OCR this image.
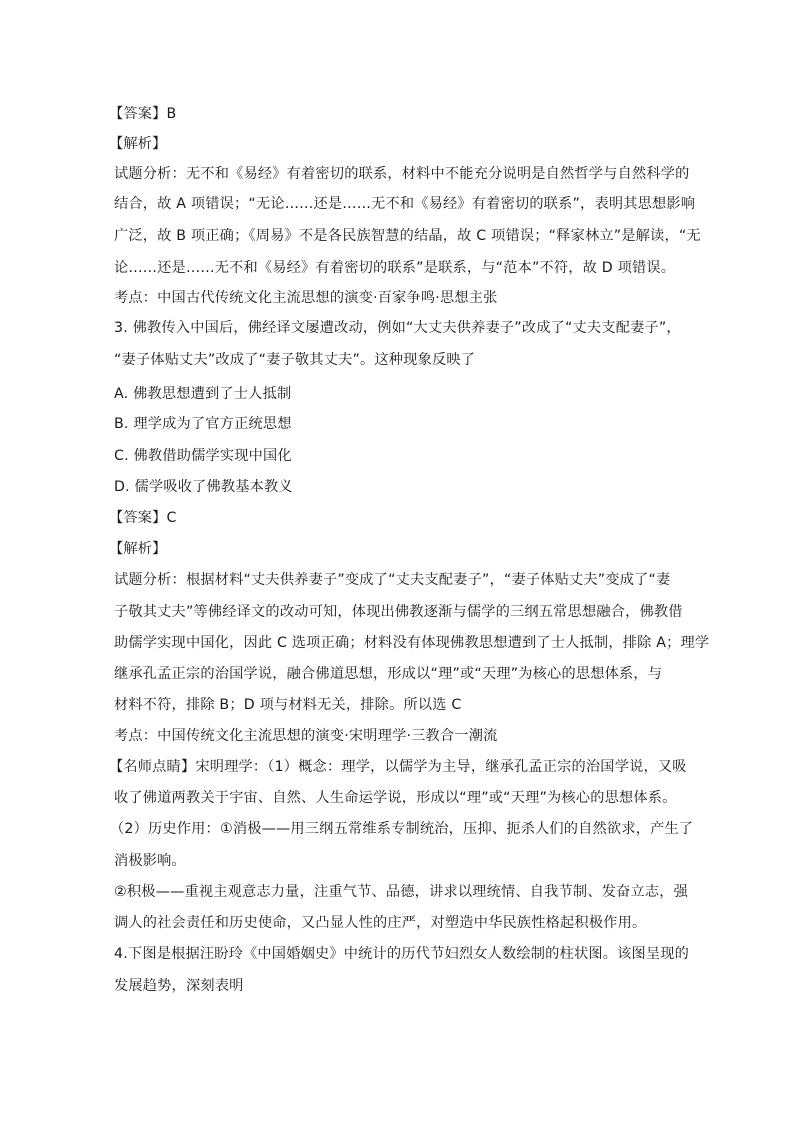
【答案】B
【解析】
试题分析：无不和《易经》有着密切的联系，材料中不能充分说明是自然哲学与自然科学的
结合，故 A 项错误；“无论……还是……无不和《易经》有着密切的联系”，表明其思想影响
广泛，故 B 项正确；《周易》不是各民族智慧的结晶，故 C 项错误；“释家林立”是解读，“无
论……还是……无不和《易经》有着密切的联系”是联系，与“范本”不符，故 D 项错误。
考点：中国古代传统文化主流思想的演变·百家争鸣·思想主张
3. 佛教传入中国后，佛经译文屡遭改动，例如“大丈夫供养妻子”改成了“丈夫支配妻子”，
“妻子体贴丈夫”改成了“妻子敬其丈夫”。这种现象反映了
A. 佛教思想遭到了士人抵制
B. 理学成为了官方正统思想
C. 佛教借助儒学实现中国化
D. 儒学吸收了佛教基本教义
【答案】C
【解析】
试题分析：根据材料“丈夫供养妻子”变成了“丈夫支配妻子”，“妻子体贴丈夫”变成了“妻
子敬其丈夫”等佛经译文的改动可知，体现出佛教逐渐与儒学的三纲五常思想融合，佛教借
助儒学实现中国化，因此 C 选项正确；材料没有体现佛教思想遭到了士人抵制，排除 A；理学
继承孔孟正宗的治国学说，融合佛道思想，形成以“理”或“天理”为核心的思想体系，与
材料不符，排除 B；D 项与材料无关，排除。所以选 C
考点：中国传统文化主流思想的演变·宋明理学·三教合一潮流
【名师点睛】宋明理学：（1）概念：理学，以儒学为主导，继承孔孟正宗的治国学说，又吸
收了佛道两教关于宇宙、自然、人生命运学说，形成以“理”或“天理”为核心的思想体系。
（2）历史作用：①消极——用三纲五常维系专制统治，压抑、扼杀人们的自然欲求，产生了
消极影响。
②积极——重视主观意志力量，注重气节、品德，讲求以理统情、自我节制、发奋立志，强
调人的社会责任和历史使命，又凸显人性的庄严，对塑造中华民族性格起积极作用。
4.下图是根据汪盼玲《中国婚姻史》中统计的历代节妇烈女人数绘制的柱状图。该图呈现的
发展趋势，深刻表明
